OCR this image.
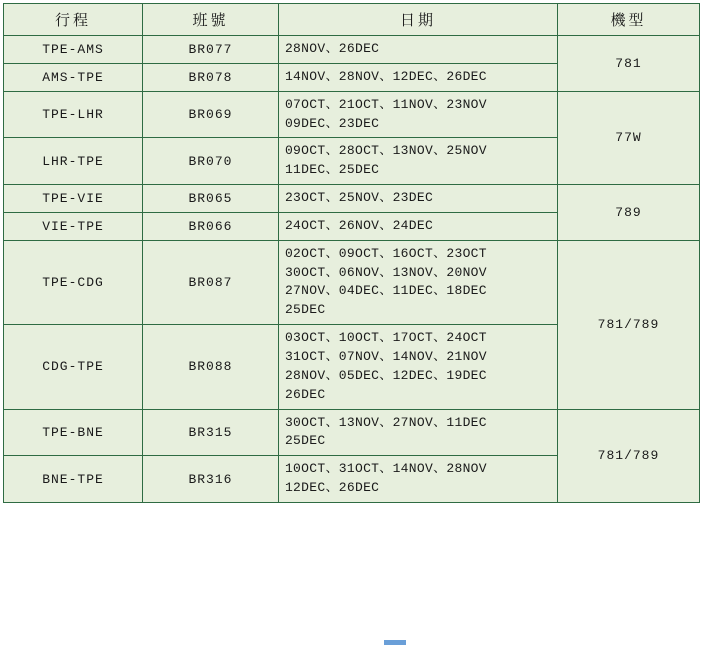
行程	班號	日期	機型
TPE-AMS	BR077	28NOV、26DEC	781
AMS-TPE	BR078	14NOV、28NOV、12DEC、26DEC	

TPE-LHR	BR069	07OCT、21OCT、11NOV、23NOV
09DEC、23DEC	77W
LHR-TPE	BR070	09OCT、28OCT、13NOV、25NOV
11DEC、25DEC	

TPE-VIE	BR065	23OCT、25NOV、23DEC	789
VIE-TPE	BR066	24OCT、26NOV、24DEC	

TPE-CDG	BR087	02OCT、09OCT、16OCT、23OCT
30OCT、06NOV、13NOV、20NOV
27NOV、04DEC、11DEC、18DEC
25DEC	781/789
CDG-TPE	BR088	03OCT、10OCT、17OCT、24OCT
31OCT、07NOV、14NOV、21NOV
28NOV、05DEC、12DEC、19DEC
26DEC	

TPE-BNE	BR315	30OCT、13NOV、27NOV、11DEC
25DEC	781/789
BNE-TPE	BR316	10OCT、31OCT、14NOV、28NOV
12DEC、26DEC	
